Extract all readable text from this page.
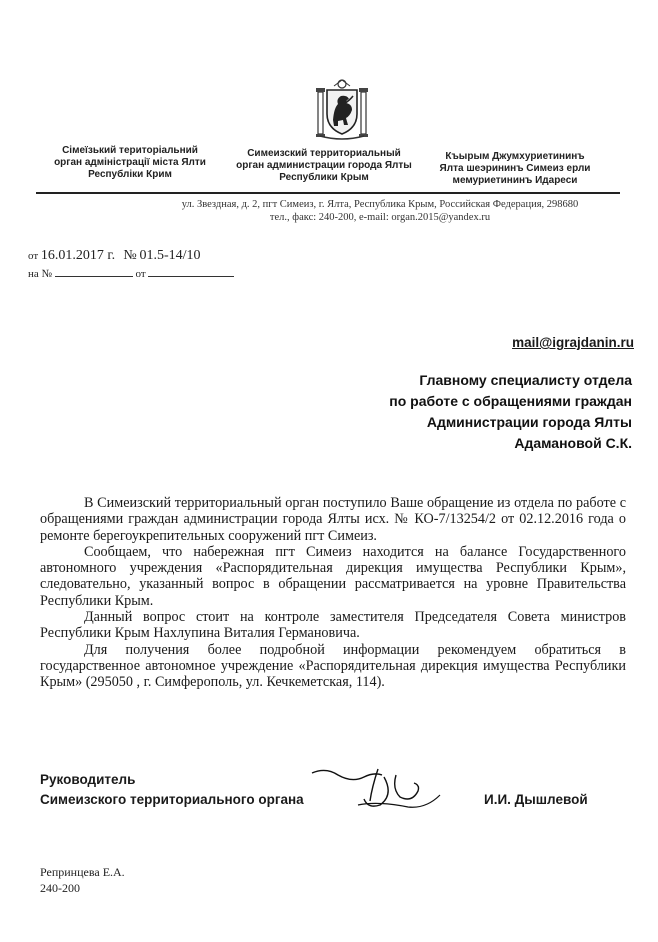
Сімеїзький територіальний
орган адміністрації міста Ялти
Республіки Крим
Симеизский территориальный
орган администрации города Ялты
Республики Крым
Къырым Джумхуриетининъ
Ялта шеэрининъ Симеиз ерли
мемуриетининъ Идареси
ул. Звездная, д. 2, пгт Симеиз, г. Ялта, Республика Крым, Российская Федерация, 298680
тел., факс: 240-200, e-mail: organ.2015@yandex.ru
от 16.01.2017 г. № 01.5-14/10
на №	от
mail@igrajdanin.ru
Главному специалисту отдела
по работе с обращениями граждан
Администрации города Ялты
Адамановой С.К.

В Симеизский территориальный орган поступило Ваше обращение из отдела по работе с обращениями граждан администрации города Ялты исх. № КО-7/13254/2 от 02.12.2016 года о ремонте берегоукрепительных сооружений пгт Симеиз.

Сообщаем, что набережная пгт Симеиз находится на балансе Государственного автономного учреждения «Распорядительная дирекция имущества Республики Крым», следовательно, указанный вопрос в обращении рассматривается на уровне Правительства Республики Крым.

Данный вопрос стоит на контроле заместителя Председателя Совета министров Республики Крым Нахлупина Виталия Германовича.

Для получения более подробной информации рекомендуем обратиться в государственное автономное учреждение «Распорядительная дирекция имущества Республики Крым» (295050 , г. Симферополь, ул. Кечкеметская, 114).

Руководитель
Симеизского территориального органа	И.И. Дышлевой
Репринцева Е.А.
240-200
